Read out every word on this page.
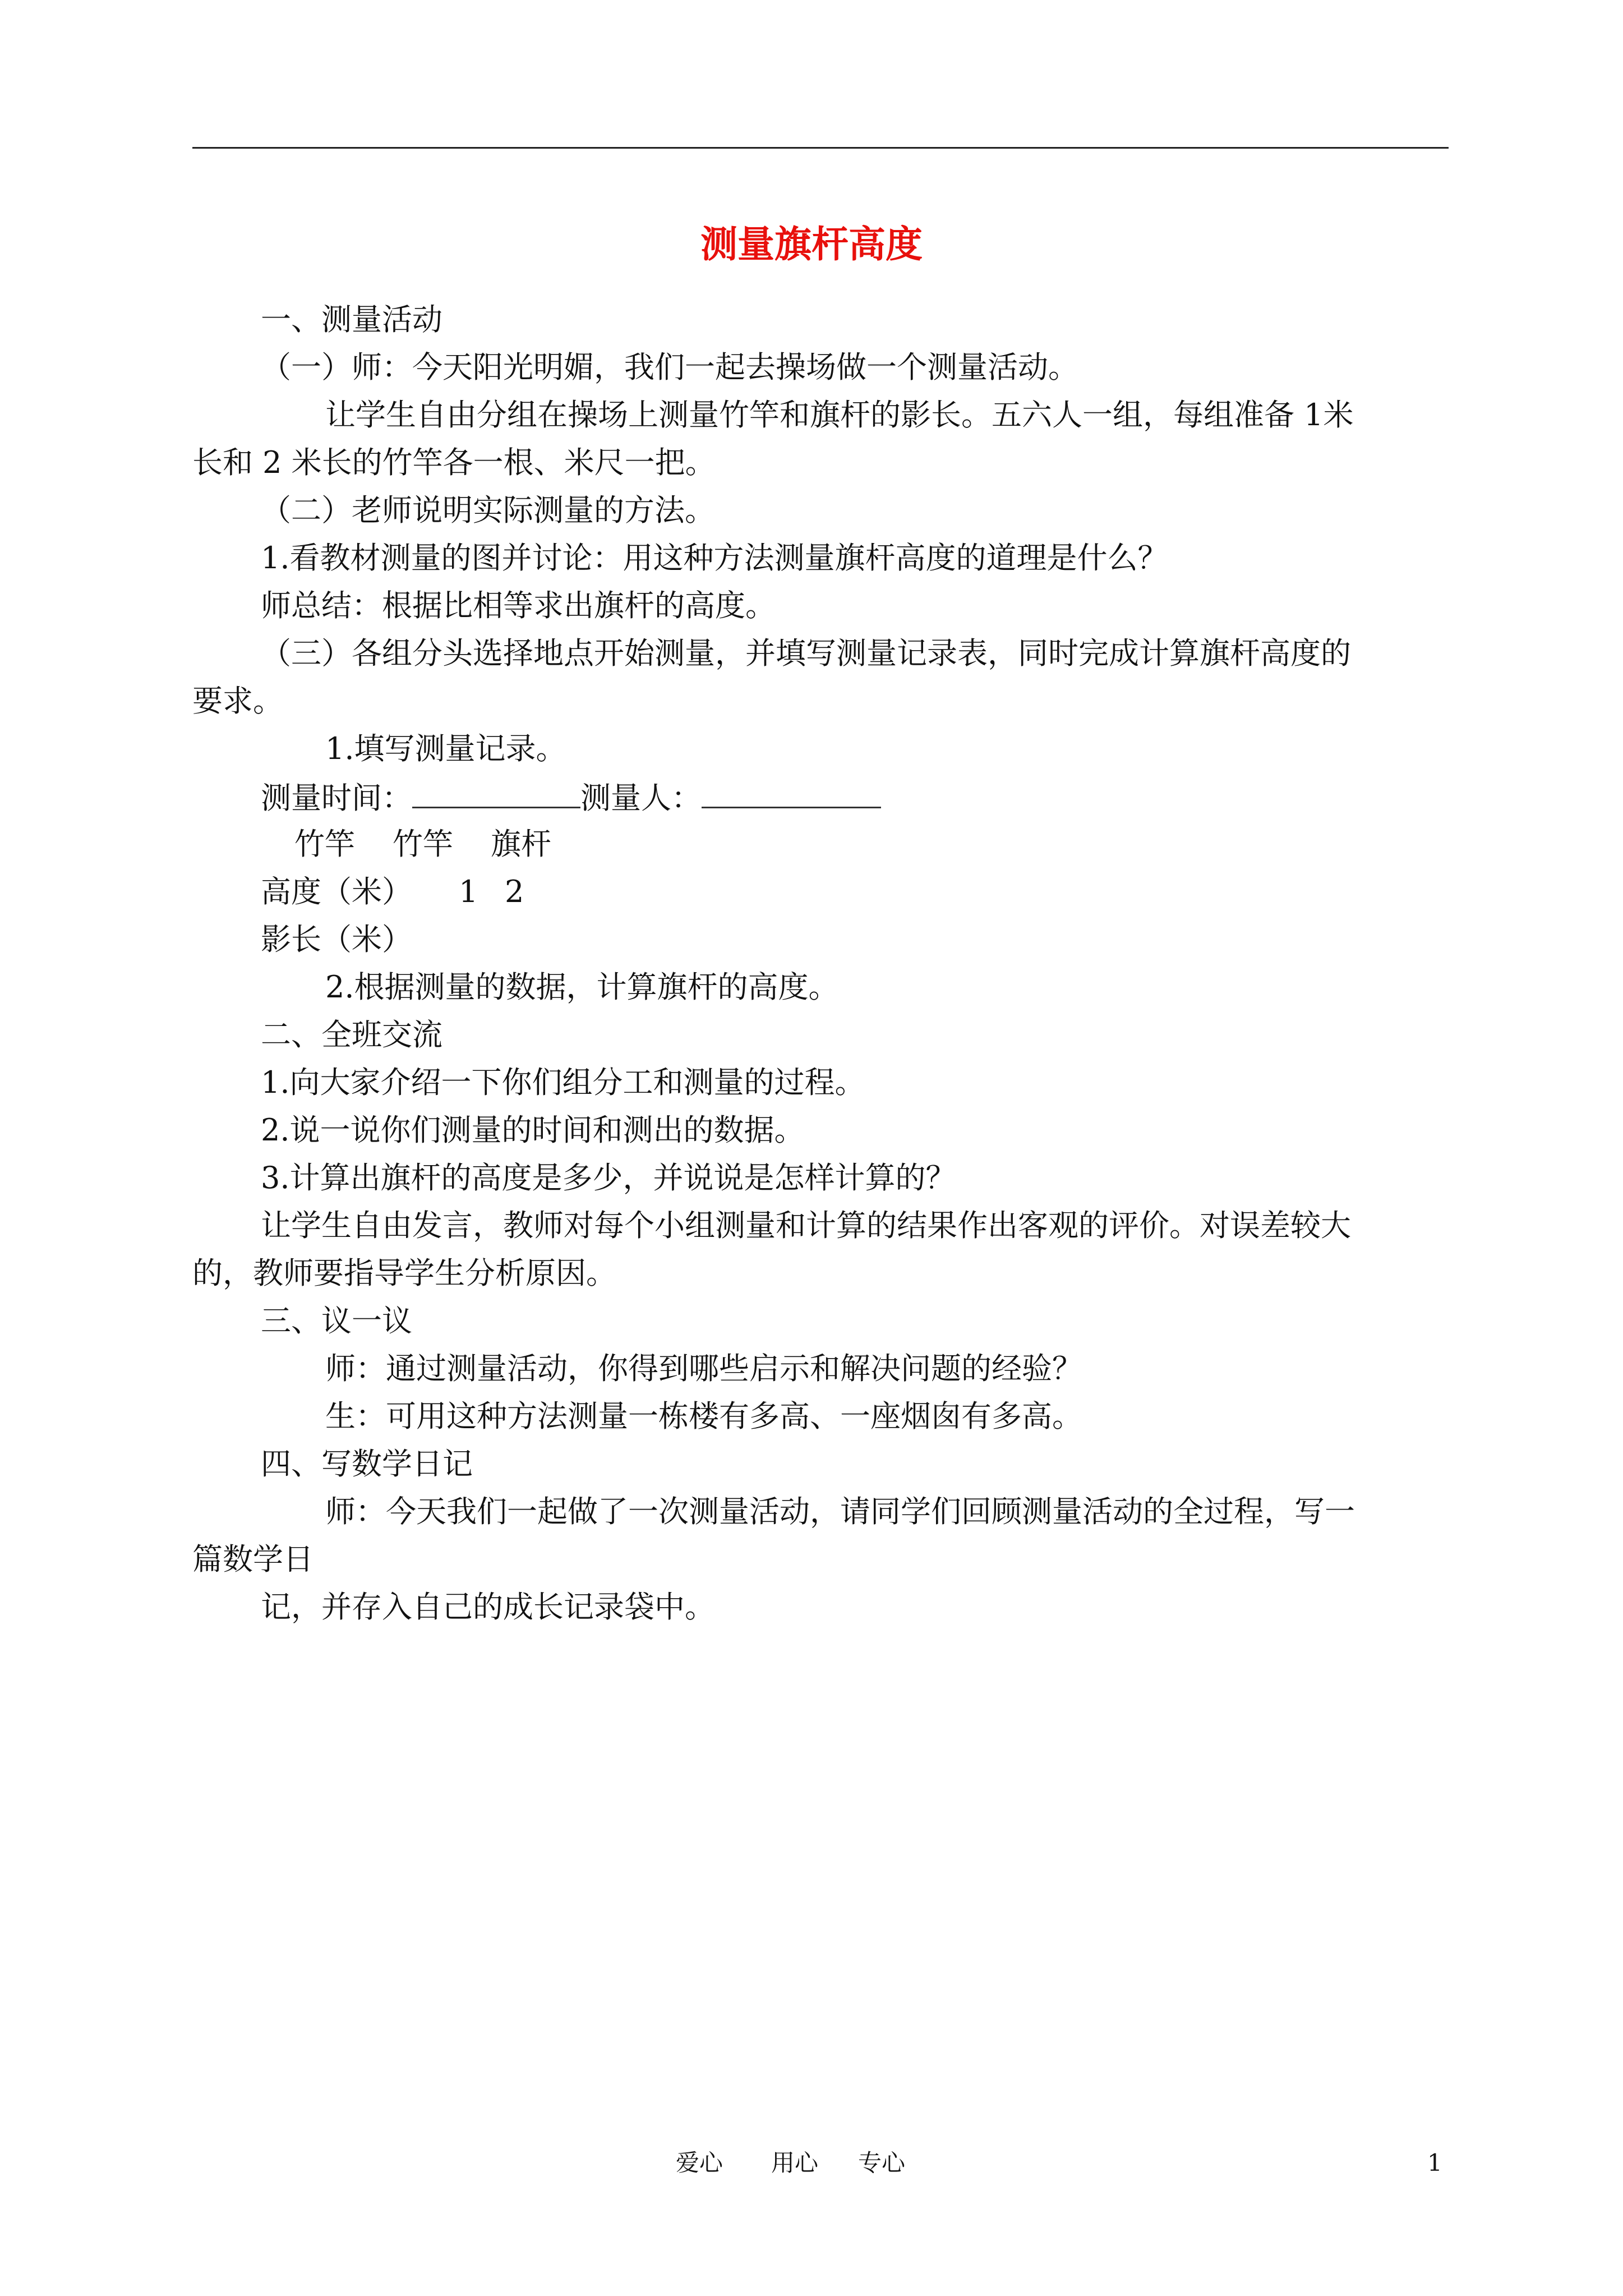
测量旗杆高度
一、测量活动
（一）师：今天阳光明媚，我们一起去操场做一个测量活动。
让学生自由分组在操场上测量竹竿和旗杆的影长。五六人一组，每组准备 1米
长和 2 米长的竹竿各一根、米尺一把。
（二）老师说明实际测量的方法。
1.看教材测量的图并讨论：用这种方法测量旗杆高度的道理是什么？
师总结：根据比相等求出旗杆的高度。
（三）各组分头选择地点开始测量，并填写测量记录表，同时完成计算旗杆高度的
要求。
1.填写测量记录。
测量时间：	测量人：
竹竿 竹竿 旗杆
高度（米） 1 2
影长（米）
2.根据测量的数据，计算旗杆的高度。
二、全班交流
1.向大家介绍一下你们组分工和测量的过程。
2.说一说你们测量的时间和测出的数据。
3.计算出旗杆的高度是多少，并说说是怎样计算的？
让学生自由发言，教师对每个小组测量和计算的结果作出客观的评价。对误差较大
的，教师要指导学生分析原因。
三、议一议
师：通过测量活动，你得到哪些启示和解决问题的经验？
生：可用这种方法测量一栋楼有多高、一座烟囱有多高。
四、写数学日记
师：今天我们一起做了一次测量活动，请同学们回顾测量活动的全过程，写一
篇数学日
记，并存入自己的成长记录袋中。
爱心 用心 专心	1
